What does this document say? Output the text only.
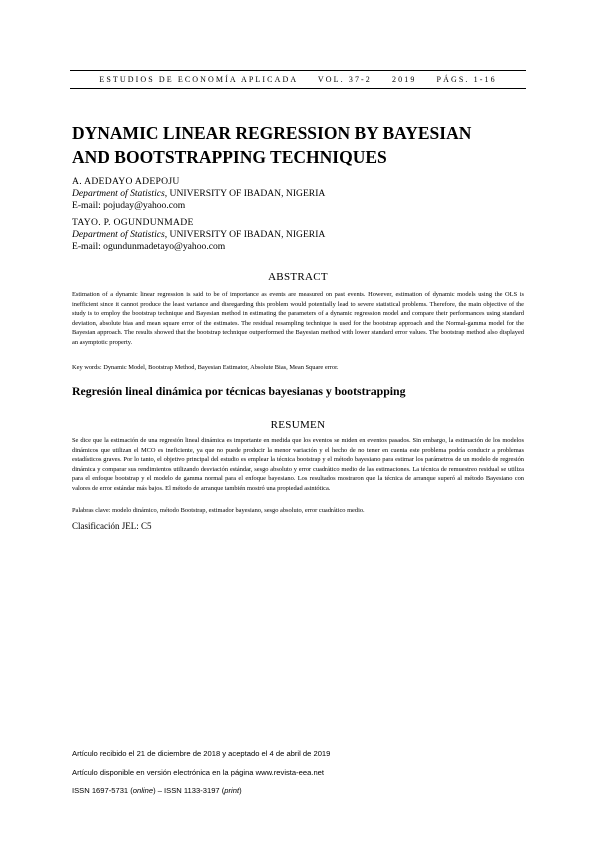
ESTUDIOS DE ECONOMÍA APLICADA	VOL. 37-2	2019	PÁGS. 1-16
DYNAMIC LINEAR REGRESSION BY BAYESIAN
AND BOOTSTRAPPING TECHNIQUES
A. ADEDAYO ADEPOJU
Department of Statistics, UNIVERSITY OF IBADAN, NIGERIA
E-mail: pojuday@yahoo.com
TAYO. P. OGUNDUNMADE
Department of Statistics, UNIVERSITY OF IBADAN, NIGERIA
E-mail: ogundunmadetayo@yahoo.com
ABSTRACT

Estimation of a dynamic linear regression is said to be of importance as events are measured on past events. However, estimation of dynamic models using the OLS is inefficient since it cannot produce the least variance and disregarding this problem would potentially lead to severe statistical problems. Therefore, the main objective of the study is to employ the bootstrap technique and Bayesian method in estimating the parameters of a dynamic regression model and compare their performances using standard deviation, absolute bias and mean square error of the estimates. The residual resampling technique is used for the bootstrap approach and the Normal-gamma model for the Bayesian approach. The results showed that the bootstrap technique outperformed the Bayesian method with lower standard error values. The bootstrap method also displayed an asymptotic property.

Key words: Dynamic Model, Bootstrap Method, Bayesian Estimator, Absolute Bias, Mean Square error.
Regresión lineal dinámica por técnicas bayesianas y bootstrapping
RESUMEN

Se dice que la estimación de una regresión lineal dinámica es importante en medida que los eventos se miden en eventos pasados. Sin embargo, la estimación de los modelos dinámicos que utilizan el MCO es ineficiente, ya que no puede producir la menor variación y el hecho de no tener en cuenta este problema podría conducir a problemas estadísticos graves. Por lo tanto, el objetivo principal del estudio es emplear la técnica bootstrap y el método bayesiano para estimar los parámetros de un modelo de regresión dinámica y comparar sus rendimientos utilizando desviación estándar, sesgo absoluto y error cuadrático medio de las estimaciones. La técnica de remuestreo residual se utiliza para el enfoque bootstrap y el modelo de gamma normal para el enfoque bayesiano. Los resultados mostraron que la técnica de arranque superó al método Bayesiano con valores de error estándar más bajos. El método de arranque también mostró una propiedad asintótica.

Palabras clave: modelo dinámico, método Bootstrap, estimador bayesiano, sesgo absoluto, error cuadrático medio.
Clasificación JEL: C5
Artículo recibido el 21 de diciembre de 2018 y aceptado el 4 de abril de 2019
Artículo disponible en versión electrónica en la página www.revista-eea.net
ISSN 1697-5731 (online) – ISSN 1133-3197 (print)
